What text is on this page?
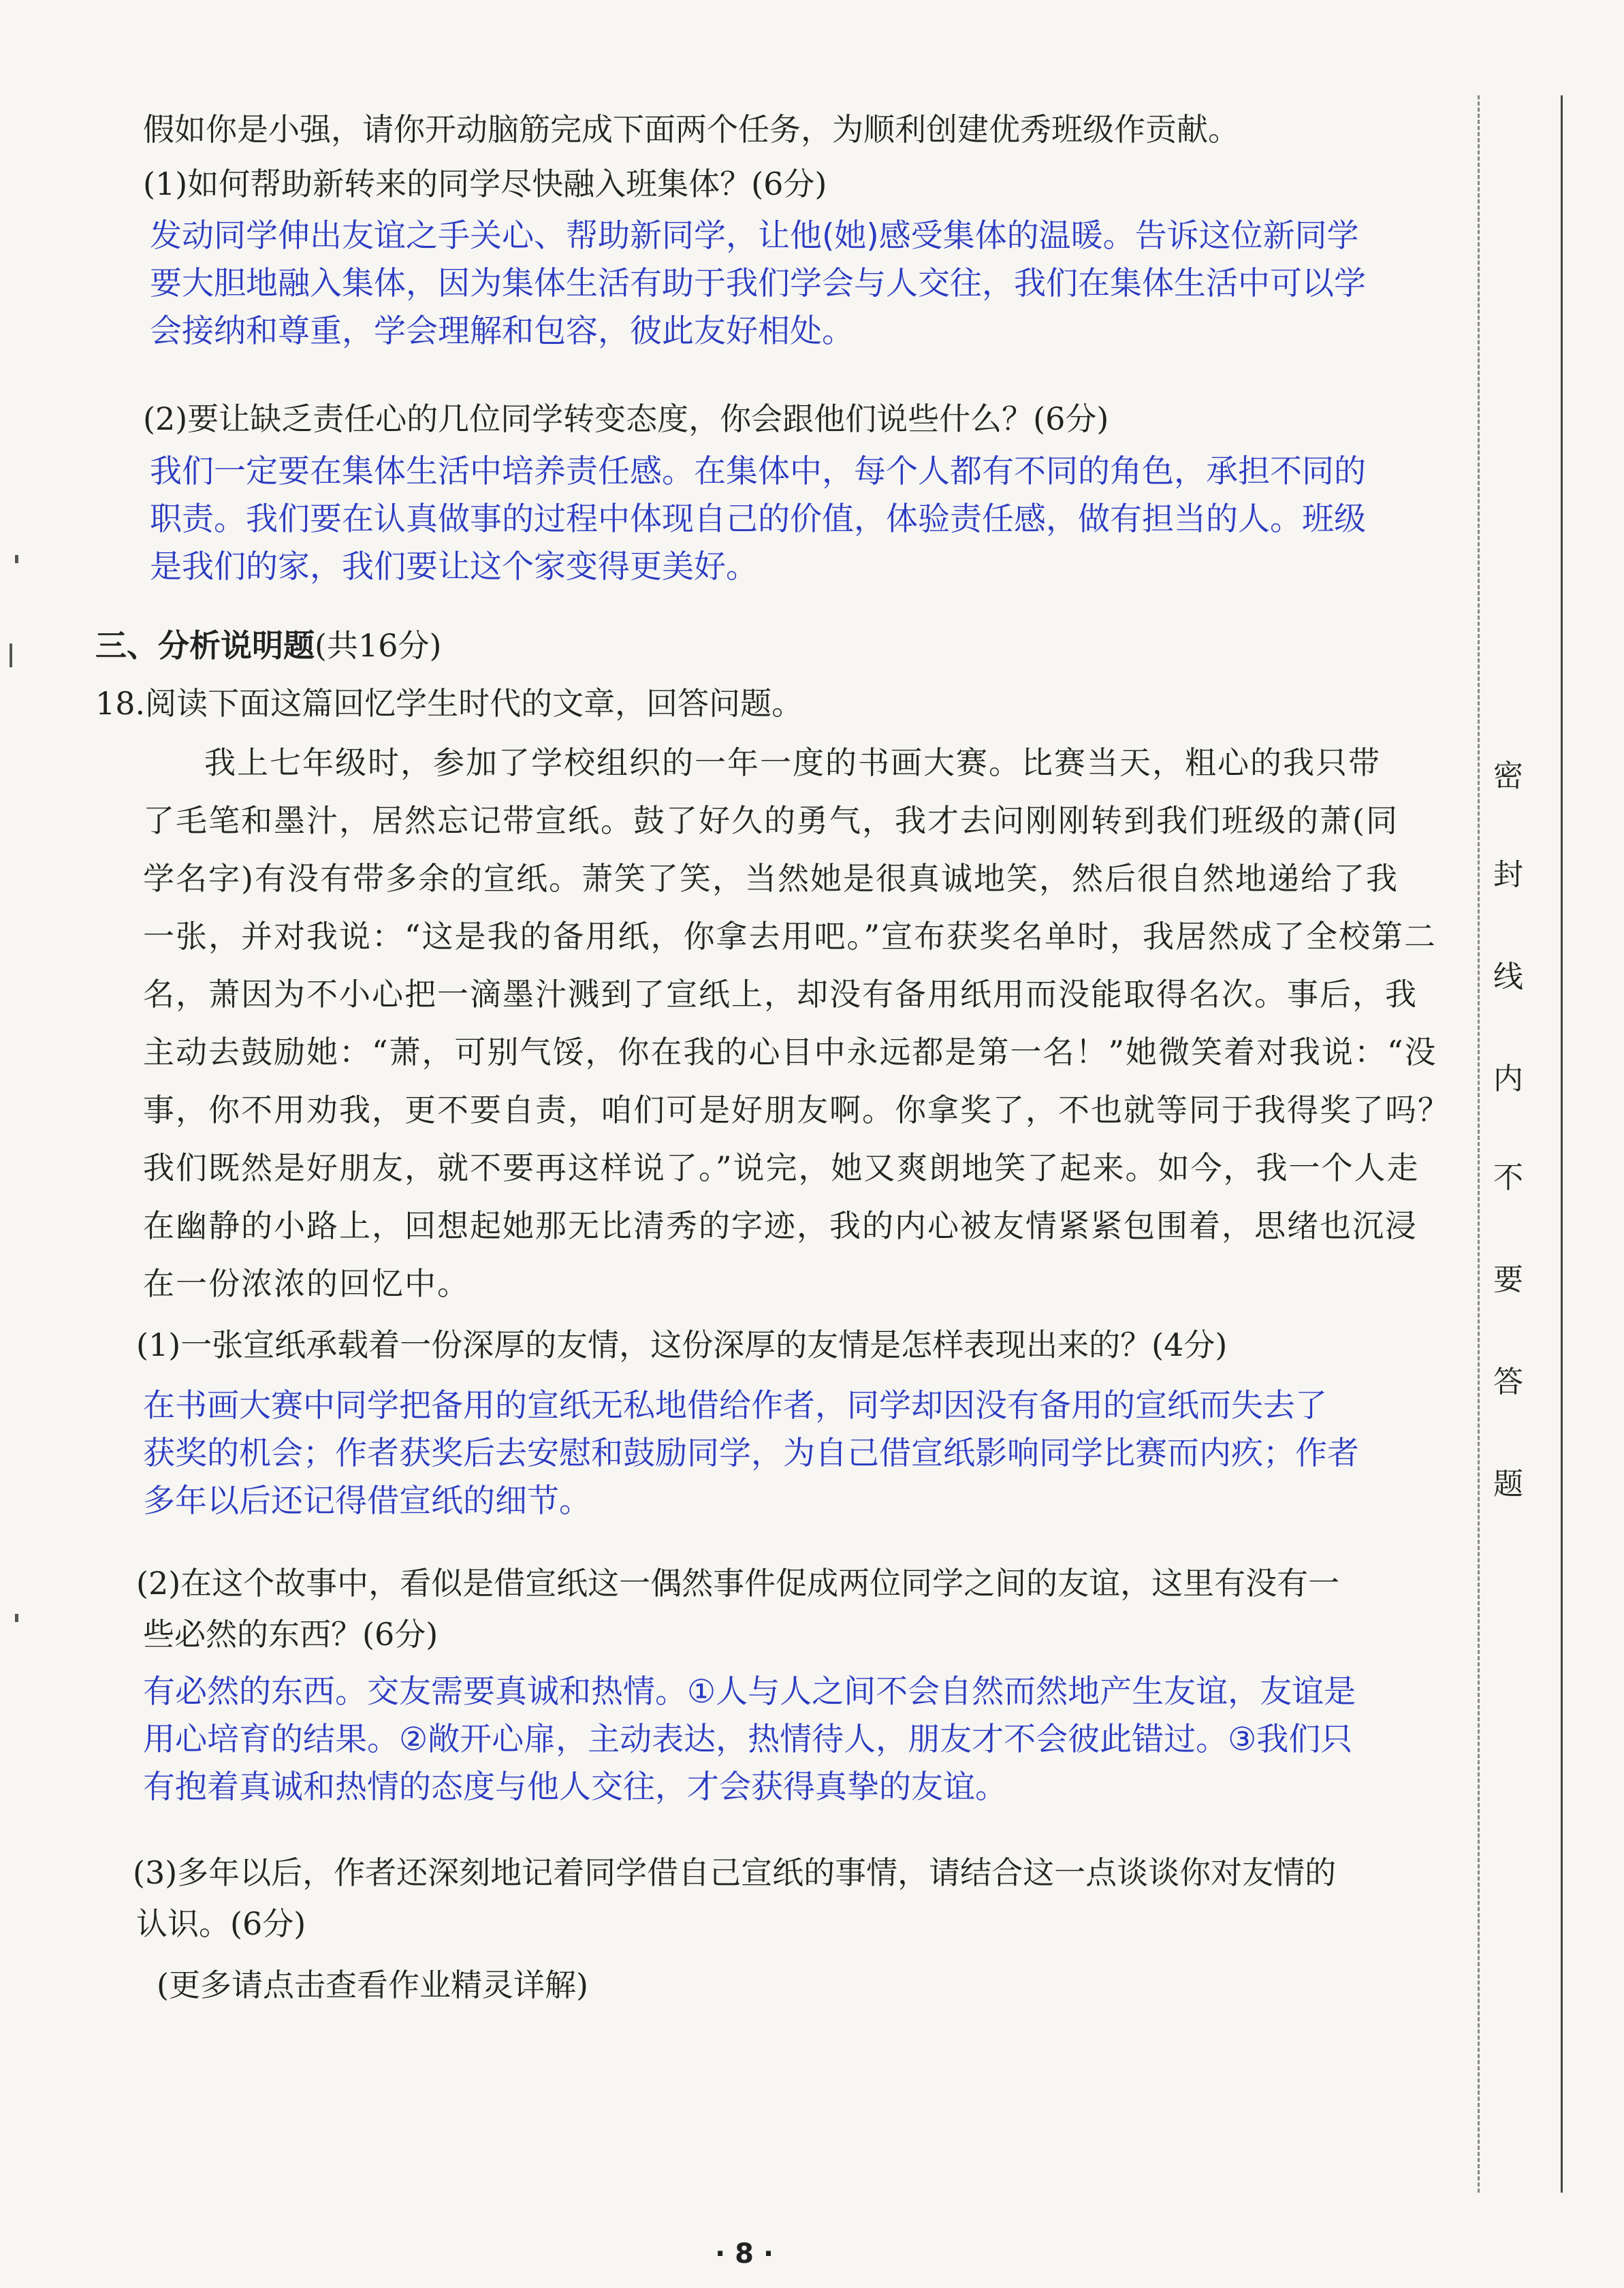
假如你是小强，请你开动脑筋完成下面两个任务，为顺利创建优秀班级作贡献。
(1)如何帮助新转来的同学尽快融入班集体？(6分)
发动同学伸出友谊之手关心、帮助新同学，让他(她)感受集体的温暖。告诉这位新同学
要大胆地融入集体，因为集体生活有助于我们学会与人交往，我们在集体生活中可以学
会接纳和尊重，学会理解和包容，彼此友好相处。
(2)要让缺乏责任心的几位同学转变态度，你会跟他们说些什么？(6分)
我们一定要在集体生活中培养责任感。在集体中，每个人都有不同的角色，承担不同的
职责。我们要在认真做事的过程中体现自己的价值，体验责任感，做有担当的人。班级
是我们的家，我们要让这个家变得更美好。
三、分析说明题(共16分)
18.阅读下面这篇回忆学生时代的文章，回答问题。
我上七年级时，参加了学校组织的一年一度的书画大赛。比赛当天，粗心的我只带
了毛笔和墨汁，居然忘记带宣纸。鼓了好久的勇气，我才去问刚刚转到我们班级的萧(同
学名字)有没有带多余的宣纸。萧笑了笑，当然她是很真诚地笑，然后很自然地递给了我
一张，并对我说：“这是我的备用纸，你拿去用吧。”宣布获奖名单时，我居然成了全校第二
名，萧因为不小心把一滴墨汁溅到了宣纸上，却没有备用纸用而没能取得名次。事后，我
主动去鼓励她：“萧，可别气馁，你在我的心目中永远都是第一名！”她微笑着对我说：“没
事，你不用劝我，更不要自责，咱们可是好朋友啊。你拿奖了，不也就等同于我得奖了吗？
我们既然是好朋友，就不要再这样说了。”说完，她又爽朗地笑了起来。如今，我一个人走
在幽静的小路上，回想起她那无比清秀的字迹，我的内心被友情紧紧包围着，思绪也沉浸
在一份浓浓的回忆中。
(1)一张宣纸承载着一份深厚的友情，这份深厚的友情是怎样表现出来的？(4分)
在书画大赛中同学把备用的宣纸无私地借给作者，同学却因没有备用的宣纸而失去了
获奖的机会；作者获奖后去安慰和鼓励同学，为自己借宣纸影响同学比赛而内疚；作者
多年以后还记得借宣纸的细节。
(2)在这个故事中，看似是借宣纸这一偶然事件促成两位同学之间的友谊，这里有没有一
些必然的东西？(6分)
有必然的东西。交友需要真诚和热情。①人与人之间不会自然而然地产生友谊，友谊是
用心培育的结果。②敞开心扉，主动表达，热情待人，朋友才不会彼此错过。③我们只
有抱着真诚和热情的态度与他人交往，才会获得真挚的友谊。
(3)多年以后，作者还深刻地记着同学借自己宣纸的事情，请结合这一点谈谈你对友情的
认识。(6分)
(更多请点击查看作业精灵详解)
· 8 ·
密
封
线
内
不
要
答
题
